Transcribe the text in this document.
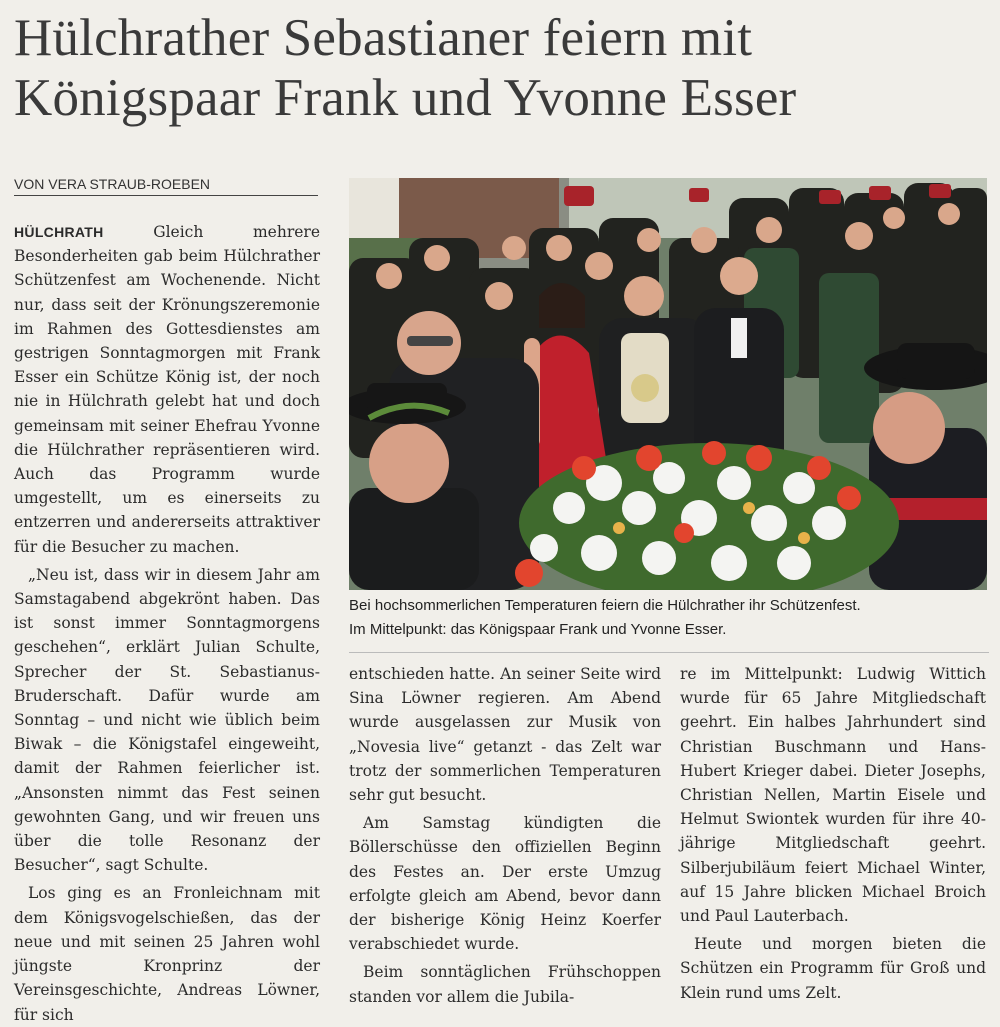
Hülchrather Sebastianer feiern mit
Königspaar Frank und Yvonne Esser
VON VERA STRAUB-ROEBEN

HÜLCHRATH	Gleich mehrere Besonderheiten gab beim Hülchrather Schützenfest am Wochenende. Nicht nur, dass seit der Krönungszeremonie im Rahmen des Gottesdienstes am gestrigen Sonntagmorgen mit Frank Esser ein Schütze König ist, der noch nie in Hülchrath gelebt hat und doch gemeinsam mit seiner Ehefrau Yvonne die Hülchrather repräsentieren wird. Auch das Programm wurde umgestellt, um es einerseits zu entzerren und andererseits attraktiver für die Besucher zu machen.

„Neu ist, dass wir in diesem Jahr am Samstagabend abgekrönt haben. Das ist sonst immer Sonntagmorgens geschehen“, erklärt Julian Schulte, Sprecher der St. Sebastianus-Bruderschaft. Dafür wurde am Sonntag – und nicht wie üblich beim Biwak – die Königstafel eingeweiht, damit der Rahmen feierlicher ist. „Ansonsten nimmt das Fest seinen gewohnten Gang, und wir freuen uns über die tolle Resonanz der Besucher“, sagt Schulte.

Los ging es an Fronleichnam mit dem Königsvogelschießen, das der neue und mit seinen 25 Jahren wohl jüngste Kronprinz der Vereinsgeschichte, Andreas Löwner, für sich

Bei hochsommerlichen Temperaturen feiern die Hülchrather ihr Schützenfest.
Im Mittelpunkt: das Königspaar Frank und Yvonne Esser.

entschieden hatte. An seiner Seite wird Sina Löwner regieren. Am Abend wurde ausgelassen zur Musik von „Novesia live“ getanzt - das Zelt war trotz der sommerlichen Temperaturen sehr gut besucht.

Am Samstag kündigten die Böllerschüsse den offiziellen Beginn des Festes an. Der erste Umzug erfolgte gleich am Abend, bevor dann der bisherige König Heinz Koerfer verabschiedet wurde.

Beim sonntäglichen Frühschoppen standen vor allem die Jubila-

re im Mittelpunkt: Ludwig Wittich wurde für 65 Jahre Mitgliedschaft geehrt. Ein halbes Jahrhundert sind Christian Buschmann und Hans-Hubert Krieger dabei. Dieter Josephs, Christian Nellen, Martin Eisele und Helmut Swiontek wurden für ihre 40-jährige Mitgliedschaft geehrt. Silberjubiläum feiert Michael Winter, auf 15 Jahre blicken Michael Broich und Paul Lauterbach.

Heute und morgen bieten die Schützen ein Programm für Groß und Klein rund ums Zelt.
